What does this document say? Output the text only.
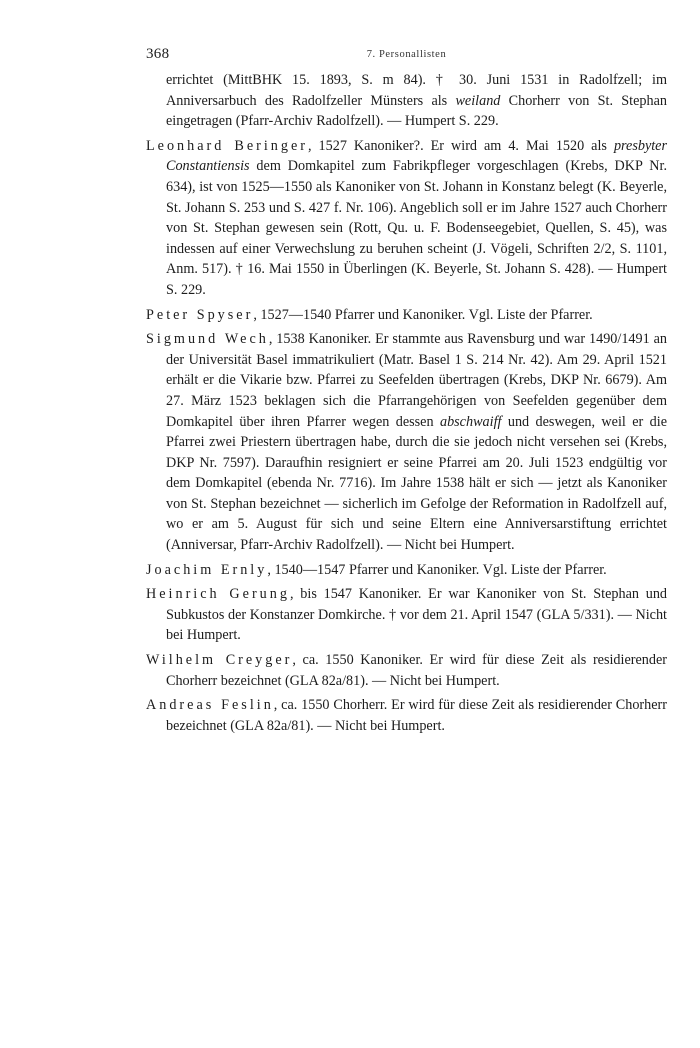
368	7. Personallisten

errichtet (MittBHK 15. 1893, S. m 84). † 30. Juni 1531 in Radolfzell; im Anniversarbuch des Radolfzeller Münsters als weiland Chorherr von St. Stephan eingetragen (Pfarr-Archiv Radolfzell). — Humpert S. 229.

Leonhard Beringer, 1527 Kanoniker?. Er wird am 4. Mai 1520 als presbyter Constantiensis dem Domkapitel zum Fabrikpfleger vorgeschlagen (Krebs, DKP Nr. 634), ist von 1525—1550 als Kanoniker von St. Johann in Konstanz belegt (K. Beyerle, St. Johann S. 253 und S. 427 f. Nr. 106). Angeblich soll er im Jahre 1527 auch Chorherr von St. Stephan gewesen sein (Rott, Qu. u. F. Bodenseegebiet, Quellen, S. 45), was indessen auf einer Verwechslung zu beruhen scheint (J. Vögeli, Schriften 2/2, S. 1101, Anm. 517). † 16. Mai 1550 in Überlingen (K. Beyerle, St. Johann S. 428). — Humpert S. 229.

Peter Spyser, 1527—1540 Pfarrer und Kanoniker. Vgl. Liste der Pfarrer.

Sigmund Wech, 1538 Kanoniker. Er stammte aus Ravensburg und war 1490/1491 an der Universität Basel immatrikuliert (Matr. Basel 1 S. 214 Nr. 42). Am 29. April 1521 erhält er die Vikarie bzw. Pfarrei zu Seefelden übertragen (Krebs, DKP Nr. 6679). Am 27. März 1523 beklagen sich die Pfarrangehörigen von Seefelden gegenüber dem Domkapitel über ihren Pfarrer wegen dessen abschwaiff und deswegen, weil er die Pfarrei zwei Priestern übertragen habe, durch die sie jedoch nicht versehen sei (Krebs, DKP Nr. 7597). Daraufhin resigniert er seine Pfarrei am 20. Juli 1523 endgültig vor dem Domkapitel (ebenda Nr. 7716). Im Jahre 1538 hält er sich — jetzt als Kanoniker von St. Stephan bezeichnet — sicherlich im Gefolge der Reformation in Radolfzell auf, wo er am 5. August für sich und seine Eltern eine Anniversarstiftung errichtet (Anniversar, Pfarr-Archiv Radolfzell). — Nicht bei Humpert.

Joachim Ernly, 1540—1547 Pfarrer und Kanoniker. Vgl. Liste der Pfarrer.

Heinrich Gerung, bis 1547 Kanoniker. Er war Kanoniker von St. Stephan und Subkustos der Konstanzer Domkirche. † vor dem 21. April 1547 (GLA 5/331). — Nicht bei Humpert.

Wilhelm Creyger, ca. 1550 Kanoniker. Er wird für diese Zeit als residierender Chorherr bezeichnet (GLA 82a/81). — Nicht bei Humpert.

Andreas Feslin, ca. 1550 Chorherr. Er wird für diese Zeit als residierender Chorherr bezeichnet (GLA 82a/81). — Nicht bei Humpert.
